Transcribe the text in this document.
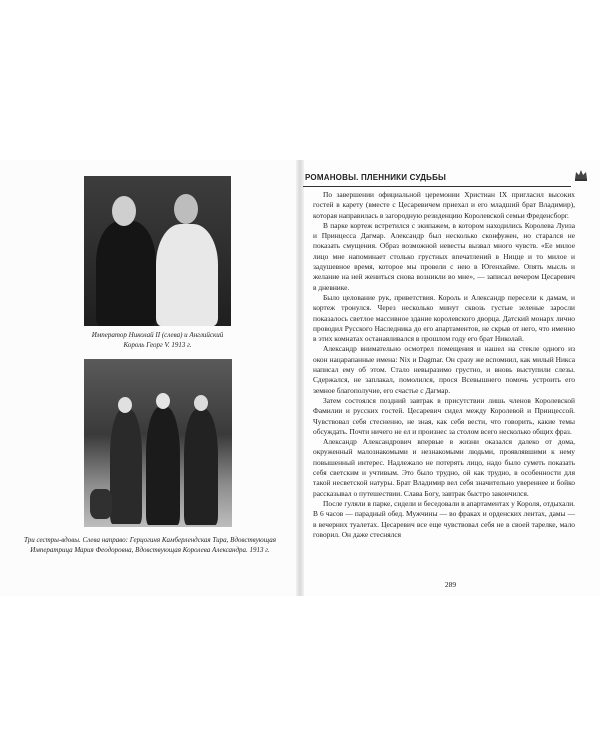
Император Николай II (слева) и Английский Король Георг V. 1913 г.
Три сестры-вдовы. Слева направо: Герцогиня Камберлендская Тира, Вдовствующая Императрица Мария Феодоровна, Вдовствующая Королева Александра. 1913 г.
РОМАНОВЫ. ПЛЕННИКИ СУДЬБЫ

По завершении официальной церемонии Христиан IX пригласил высоких гостей в карету (вместе с Цесаревичем приехал и его младший брат Владимир), которая направилась в загородную резиденцию Королевской семьи Фреденсборг.

В парке кортеж встретился с экипажем, в котором находились Королева Луиза и Принцесса Дагмар. Александр был несколько сконфужен, но старался не показать смущения. Образ возможной невесты вызвал много чувств. «Ее милое лицо мне напоминает столько грустных впечатлений в Ницце и то милое и задушевное время, которое мы провели с нею в Югенхайме. Опять мысль и желание на ней жениться снова возникли во мне», — записал вечером Цесаревич в дневнике.

Было целование рук, приветствия. Король и Александр пересели к дамам, и кортеж тронулся. Через несколько минут сквозь густые зеленые заросли показалось светлое массивное здание королевского дворца. Датский монарх лично проводил Русского Наследника до его апартаментов, не скрыв от него, что именно в этих комнатах останавливался в прошлом году его брат Николай.

Александр внимательно осмотрел помещения и нашел на стекле одного из окон нацарапанные имена: Nix и Dagmar. Он сразу же вспомнил, как милый Никса написал ему об этом. Стало невыразимо грустно, и вновь выступили слезы. Сдержался, не заплакал, помолился, прося Всевышнего помочь устроить его земное благополучие, его счастье с Дагмар.

Затем состоялся поздний завтрак в присутствии лишь членов Королевской Фамилии и русских гостей. Цесаревич сидел между Королевой и Принцессой. Чувствовал себя стесненно, не зная, как себя вести, что говорить, какие темы обсуждать. Почти ничего не ел и произнес за столом всего несколько общих фраз.

Александр Александрович впервые в жизни оказался далеко от дома, окруженный малознакомыми и незнакомыми людьми, проявлявшими к нему повышенный интерес. Надлежало не потерять лицо, надо было суметь показать себя светским и учтивым. Это было трудно, ой как трудно, в особенности для такой несветской натуры. Брат Владимир вел себя значительно увереннее и бойко рассказывал о путешествии. Слава Богу, завтрак быстро закончился.

После гуляли в парке, сидели и беседовали в апартаментах у Короля, отдыхали. В 6 часов — парадный обед. Мужчины — во фраках и орденских лентах, дамы — в вечерних туалетах. Цесаревич все еще чувствовал себя не в своей тарелке, мало говорил. Он даже стеснялся

289
